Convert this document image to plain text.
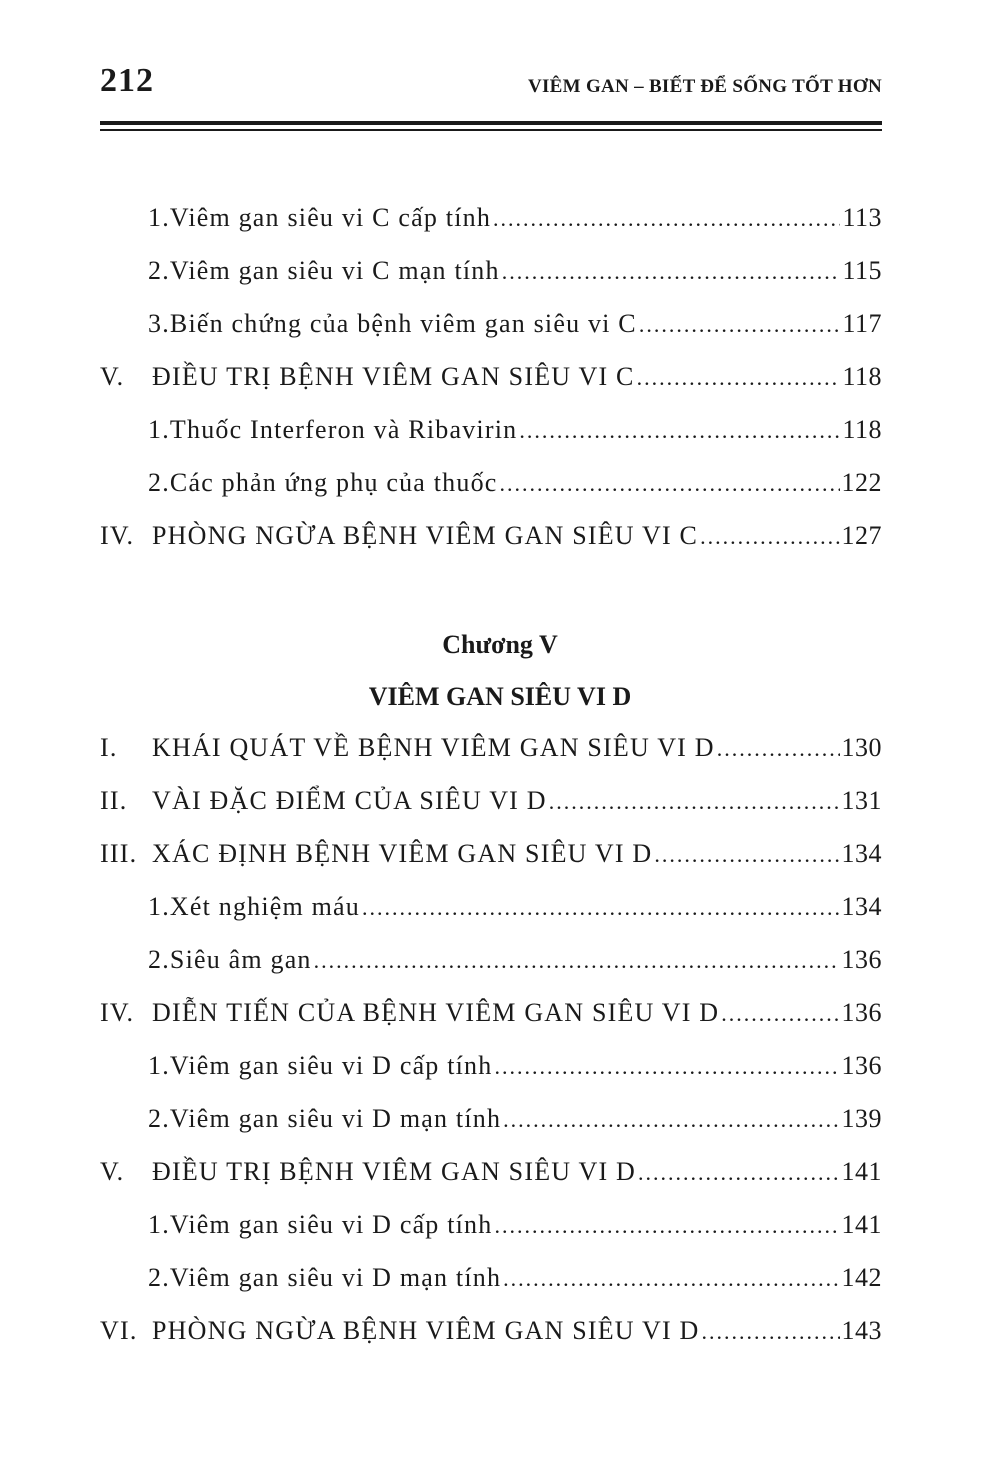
212	VIÊM GAN – BIẾT ĐỂ SỐNG TỐT HƠN
1. Viêm gan siêu vi C cấp tính .....	113
2. Viêm gan siêu vi C mạn tính .....	115
3. Biến chứng của bệnh viêm gan siêu vi C .....	117
V.	ĐIỀU TRỊ BỆNH VIÊM GAN SIÊU VI C .....	118
1. Thuốc Interferon và Ribavirin .....	118
2. Các phản ứng phụ của thuốc .....	122
IV. PHÒNG NGỪA BỆNH VIÊM GAN SIÊU VI C .....	127
Chương V
VIÊM GAN SIÊU VI D
I.	KHÁI QUÁT VỀ BỆNH VIÊM GAN SIÊU VI D .....	130
II. VÀI ĐẶC ĐIỂM CỦA SIÊU VI D .....	131
III. XÁC ĐỊNH BỆNH VIÊM GAN SIÊU VI D .....	134
1. Xét nghiệm máu .....	134
2. Siêu âm gan .....	136
IV. DIỄN TIẾN CỦA BỆNH VIÊM GAN SIÊU VI D .....	136
1. Viêm gan siêu vi D cấp tính .....	136
2. Viêm gan siêu vi D mạn tính .....	139
V.	ĐIỀU TRỊ BỆNH VIÊM GAN SIÊU VI D .....	141
1. Viêm gan siêu vi D cấp tính .....	141
2. Viêm gan siêu vi D mạn tính .....	142
VI. PHÒNG NGỪA BỆNH VIÊM GAN SIÊU VI D .....	143
